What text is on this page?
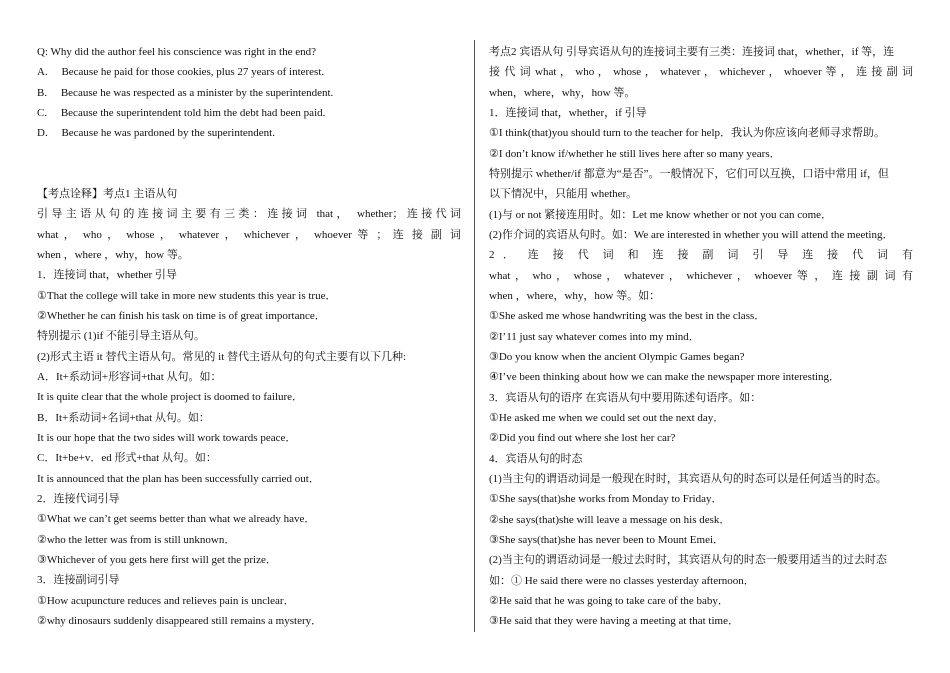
Q: Why did the author feel his conscience was right in the end?
A.     Because he paid for those cookies, plus 27 years of interest.
B.     Because he was respected as a minister by the superintendent.
C.     Because the superintendent told him the debt had been paid.
D.     Because he was pardoned by the superintendent.
【考点诠释】考点1 主语从句
引导主语从句的连接词主要有三类：连接词 that， whether；连接代词
what ， who ， whose ， whatever ， whichever ， whoever 等 ； 连 接 副 词
when ，where ，why，how 等。
1．连接词 that，whether 引导
①That the college will take in more new students this year is true．
②Whether he can finish his task on time is of great importance．
特别提示 (1)if 不能引导主语从句。
(2)形式主语 it 替代主语从句。常见的 it 替代主语从句的句式主要有以下几种:
A．It+系动词+形容词+that 从句。如：
It is quite clear that the whole project is doomed to failure．
B．It+系动词+名词+that 从句。如：
It is our hope that the two sides will work towards peace．
C．It+be+v．ed 形式+that 从句。如：
It is announced that the plan has been successfully carried out．
2．连接代词引导
①What we can’t get seems better than what we already have．
②who the letter was from is still unknown．
③Whichever of you gets here first will get the prize．
3．连接副词引导
①How acupuncture reduces and relieves pain is unclear．
②why dinosaurs suddenly disappeared still remains a mystery．
考点2 宾语从句 引导宾语从句的连接词主要有三类：连接词 that，whether，if 等，连
接 代 词 what ， who ， whose ， whatever ， whichever ， whoever 等 ， 连 接 副 词
when，where，why，how 等。
1．连接词 that，whether，if 引导
①I think(that)you should turn to the teacher for help．我认为你应该向老师寻求帮助。
②I don’t know if/whether he still lives here after so many years．
特别提示 whether/if 都意为“是否”。一般情况下，它们可以互换，口语中常用 if，但
以下情况中，只能用 whether。
(1)与 or not 紧接连用时。如：Let me know whether or not you can come．
(2)作介词的宾语从句时。如：We are interested in whether you will attend the meeting．
2 ． 连 接 代 词 和 连 接 副 词 引 导 连 接 代 词 有
what ， who ， whose ， whatever ， whichever ， whoever 等 ， 连 接 副 词 有
when ，where，why，how 等。如：
①She asked me whose handwriting was the best in the class．
②I’11 just say whatever comes into my mind．
③Do you know when the ancient Olympic Games began?
④I’ve been thinking about how we can make the newspaper more interesting．
3．宾语从句的语序 在宾语从句中要用陈述句语序。如：
①He asked me when we could set out the next day．
②Did you find out where she lost her car?
4．宾语从句的时态
(1)当主句的谓语动词是一般现在时时，其宾语从句的时态可以是任何适当的时态。
①She says(that)she works from Monday to Friday．
②she says(that)she will leave a message on his desk．
③She says(that)she has never been to Mount Emei．
(2)当主句的谓语动词是一般过去时时，其宾语从句的时态一般要用适当的过去时态
如：① He said there were no classes yesterday afternoon．
②He said that he was going to take care of the baby．
③He said that they were having a meeting at that time．
